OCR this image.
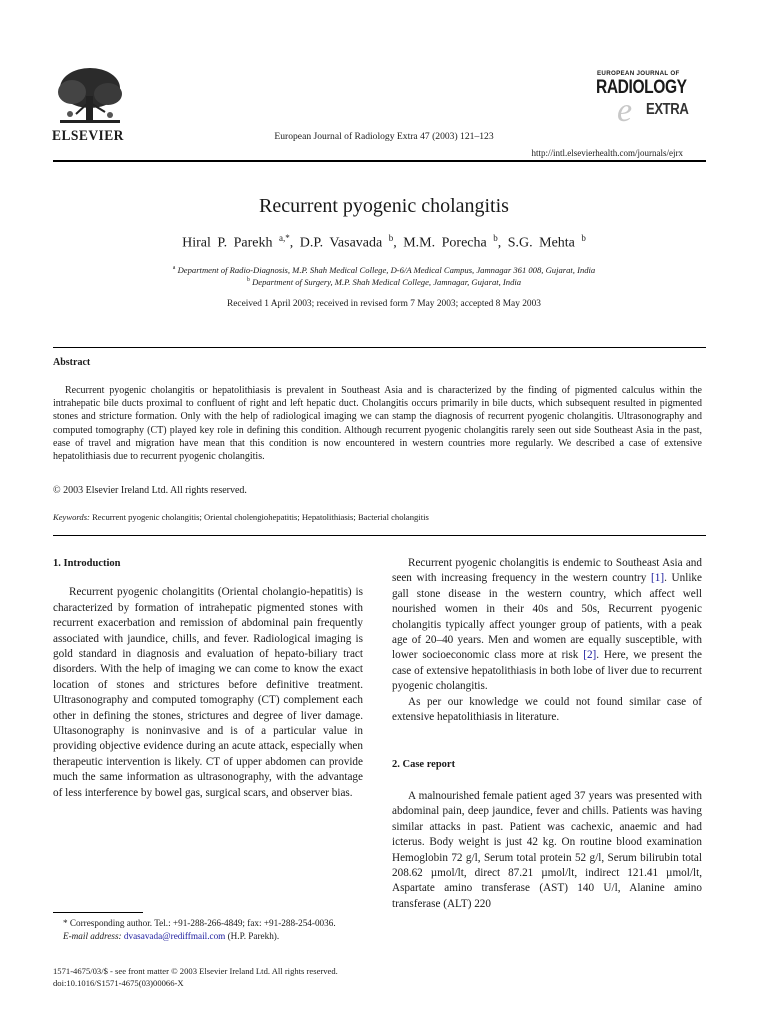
ELSEVIER	European Journal of Radiology Extra 47 (2003) 121–123
http://intl.elsevierhealth.com/journals/ejrx
e
EUROPEAN JOURNAL OF
RADIOLOGY
EXTRA
Recurrent pyogenic cholangitis
Hiral P. Parekh $^{a,*}$, D.P. Vasavada $^b$, M.M. Porecha $^b$, S.G. Mehta $^b$
$^a$ Department of Radio-Diagnosis, M.P. Shah Medical College, D-6/A Medical Campus, Jamnagar 361 008, Gujarat, India
$^b$ Department of Surgery, M.P. Shah Medical College, Jamnagar, Gujarat, India
Received 1 April 2003; received in revised form 7 May 2003; accepted 8 May 2003
Abstract
Recurrent pyogenic cholangitis or hepatolithiasis is prevalent in Southeast Asia and is characterized by the finding of pigmented calculus within the intrahepatic bile ducts proximal to confluent of right and left hepatic duct. Cholangitis occurs primarily in bile ducts, which subsequent resulted in pigmented stones and stricture formation. Only with the help of radiological imaging we can stamp the diagnosis of recurrent pyogenic cholangitis. Ultrasonography and computed tomography (CT) played key role in defining this condition. Although recurrent pyogenic cholangitis rarely seen out side Southeast Asia in the past, ease of travel and migration have mean that this condition is now encountered in western countries more regularly. We described a case of extensive hepatolithiasis due to recurrent pyogenic cholangitis.
© 2003 Elsevier Ireland Ltd. All rights reserved.
Keywords: Recurrent pyogenic cholangitis; Oriental cholengiohepatitis; Hepatolithiasis; Bacterial cholangitis
1. Introduction

Recurrent pyogenic cholangitits (Oriental cholangio-hepatitis) is characterized by formation of intrahepatic pigmented stones with recurrent exacerbation and remission of abdominal pain frequently associated with jaundice, chills, and fever. Radiological imaging is gold standard in diagnosis and evaluation of hepato-biliary tract disorders. With the help of imaging we can come to know the exact location of stones and strictures before definitive treatment. Ultrasonography and computed tomography (CT) complement each other in defining the stones, strictures and degree of liver damage. Ultasonography is noninvasive and is of a particular value in providing objective evidence during an acute attack, especially when therapeutic intervention is likely. CT of upper abdomen can provide much the same information as ultrasonography, with the advantage of less interference by bowel gas, surgical scars, and observer bias.

Recurrent pyogenic cholangitis is endemic to Southeast Asia and seen with increasing frequency in the western country [1]. Unlike gall stone disease in the western country, which affect well nourished women in their 40s and 50s, Recurrent pyogenic cholangitis typically affect younger group of patients, with a peak age of 20–40 years. Men and women are equally susceptible, with lower socioeconomic class more at risk [2]. Here, we present the case of extensive hepatolithiasis in both lobe of liver due to recurrent pyogenic cholangitis.

As per our knowledge we could not found similar case of extensive hepatolithiasis in literature.

2. Case report

A malnourished female patient aged 37 years was presented with abdominal pain, deep jaundice, fever and chills. Patients was having similar attacks in past. Patient was cachexic, anaemic and had icterus. Body weight is just 42 kg. On routine blood examination Hemoglobin 72 g/l, Serum total protein 52 g/l, Serum bilirubin total 208.62 µmol/lt, direct 87.21 µmol/lt, indirect 121.41 µmol/lt, Aspartate amino transferase (AST) 140 U/l, Alanine amino transferase (ALT) 220

* Corresponding author. Tel.: +91-288-266-4849; fax: +91-288-254-0036.

E-mail address: dvasavada@rediffmail.com (H.P. Parekh).

1571-4675/03/$ - see front matter © 2003 Elsevier Ireland Ltd. All rights reserved.
doi:10.1016/S1571-4675(03)00066-X
